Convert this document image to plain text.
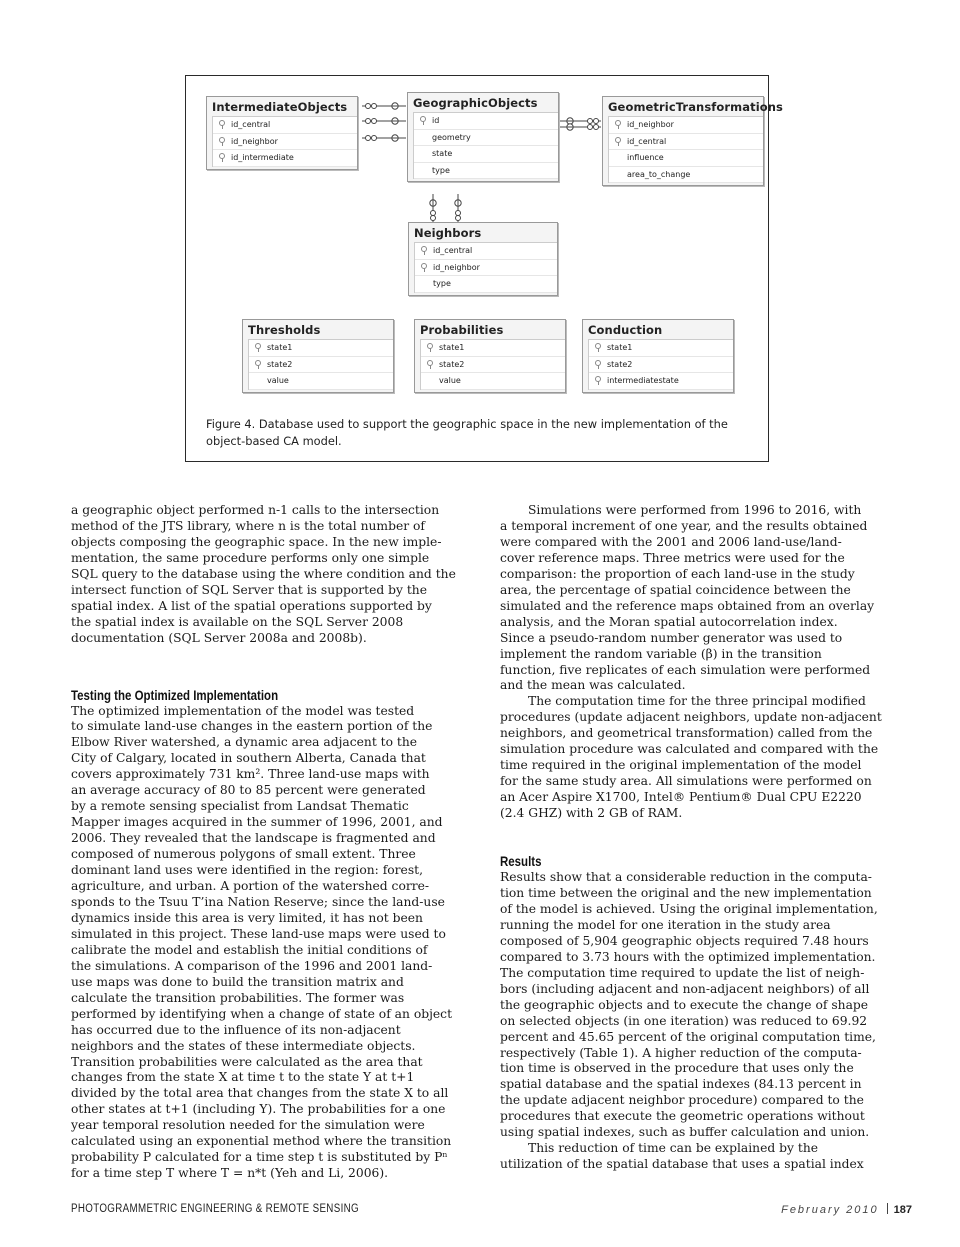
IntermediateObjects
id_central
id_neighbor
id_intermediate
GeographicObjects
id
geometry
state
type
GeometricTransformations
id_neighbor
id_central
influence
area_to_change
Neighbors
id_central
id_neighbor
type
Thresholds
state1
state2
value
Probabilities
state1
state2
value
Conduction
state1
state2
intermediatestate
Figure 4. Database used to support the geographic space in the new implementation of the object-based CA model.

a geographic object performed n-1 calls to the intersection
method of the JTS library, where n is the total number of
objects composing the geographic space. In the new imple-
mentation, the same procedure performs only one simple
SQL query to the database using the where condition and the
intersect function of SQL Server that is supported by the
spatial index. A list of the spatial operations supported by
the spatial index is available on the SQL Server 2008
documentation (SQL Server 2008a and 2008b).

Testing the Optimized Implementation

The optimized implementation of the model was tested
to simulate land-use changes in the eastern portion of the
Elbow River watershed, a dynamic area adjacent to the
City of Calgary, located in southern Alberta, Canada that
covers approximately 731 km². Three land-use maps with
an average accuracy of 80 to 85 percent were generated
by a remote sensing specialist from Landsat Thematic
Mapper images acquired in the summer of 1996, 2001, and
2006. They revealed that the landscape is fragmented and
composed of numerous polygons of small extent. Three
dominant land uses were identified in the region: forest,
agriculture, and urban. A portion of the watershed corre-
sponds to the Tsuu T’ina Nation Reserve; since the land-use
dynamics inside this area is very limited, it has not been
simulated in this project. These land-use maps were used to
calibrate the model and establish the initial conditions of
the simulations. A comparison of the 1996 and 2001 land-
use maps was done to build the transition matrix and
calculate the transition probabilities. The former was
performed by identifying when a change of state of an object
has occurred due to the influence of its non-adjacent
neighbors and the states of these intermediate objects.
Transition probabilities were calculated as the area that
changes from the state X at time t to the state Y at t+1
divided by the total area that changes from the state X to all
other states at t+1 (including Y). The probabilities for a one
year temporal resolution needed for the simulation were
calculated using an exponential method where the transition
probability P calculated for a time step t is substituted by Pⁿ
for a time step T where T = n*t (Yeh and Li, 2006).

Simulations were performed from 1996 to 2016, with
a temporal increment of one year, and the results obtained
were compared with the 2001 and 2006 land-use/land-
cover reference maps. Three metrics were used for the
comparison: the proportion of each land-use in the study
area, the percentage of spatial coincidence between the
simulated and the reference maps obtained from an overlay
analysis, and the Moran spatial autocorrelation index.
Since a pseudo-random number generator was used to
implement the random variable (β) in the transition
function, five replicates of each simulation were performed
and the mean was calculated.

The computation time for the three principal modified
procedures (update adjacent neighbors, update non-adjacent
neighbors, and geometrical transformation) called from the
simulation procedure was calculated and compared with the
time required in the original implementation of the model
for the same study area. All simulations were performed on
an Acer Aspire X1700, Intel® Pentium® Dual CPU E2220
(2.4 GHZ) with 2 GB of RAM.

Results

Results show that a considerable reduction in the computa-
tion time between the original and the new implementation
of the model is achieved. Using the original implementation,
running the model for one iteration in the study area
composed of 5,904 geographic objects required 7.48 hours
compared to 3.73 hours with the optimized implementation.
The computation time required to update the list of neigh-
bors (including adjacent and non-adjacent neighbors) of all
the geographic objects and to execute the change of shape
on selected objects (in one iteration) was reduced to 69.92
percent and 45.65 percent of the original computation time,
respectively (Table 1). A higher reduction of the computa-
tion time is observed in the procedure that uses only the
spatial database and the spatial indexes (84.13 percent in
the update adjacent neighbor procedure) compared to the
procedures that execute the geometric operations without
using spatial indexes, such as buffer calculation and union.

This reduction of time can be explained by the
utilization of the spatial database that uses a spatial index

PHOTOGRAMMETRIC ENGINEERING & REMOTE SENSING	February 2010 187
